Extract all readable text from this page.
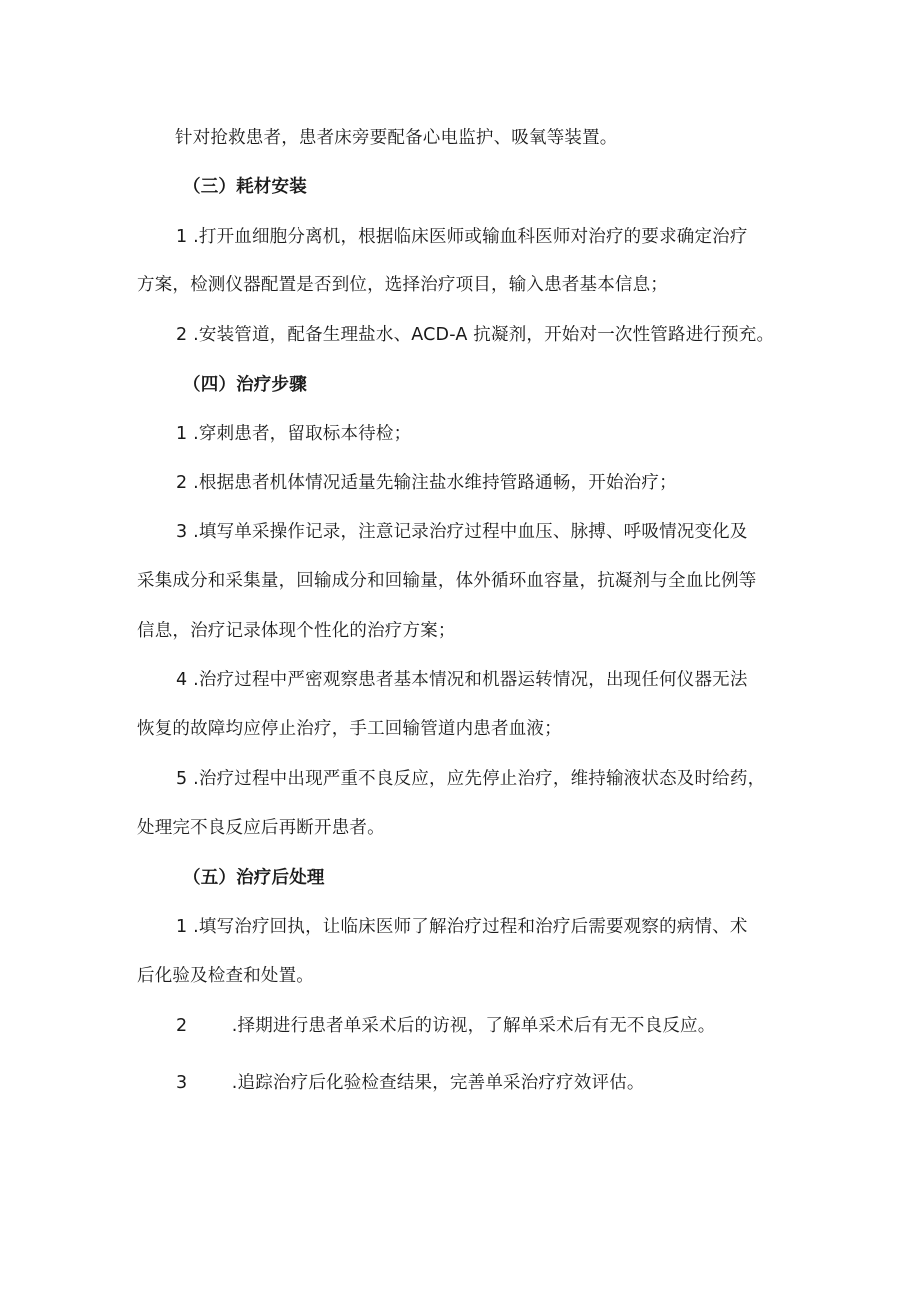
针对抢救患者，患者床旁要配备心电监护、吸氧等装置。
（三）耗材安装
1 .打开血细胞分离机，根据临床医师或输血科医师对治疗的要求确定治疗
方案，检测仪器配置是否到位，选择治疗项目，输入患者基本信息；
2 .安装管道，配备生理盐水、ACD-A 抗凝剂，开始对一次性管路进行预充。
（四）治疗步骤
1 .穿刺患者，留取标本待检；
2 .根据患者机体情况适量先输注盐水维持管路通畅，开始治疗；
3 .填写单采操作记录，注意记录治疗过程中血压、脉搏、呼吸情况变化及
采集成分和采集量，回输成分和回输量，体外循环血容量，抗凝剂与全血比例等
信息，治疗记录体现个性化的治疗方案；
4 .治疗过程中严密观察患者基本情况和机器运转情况，出现任何仪器无法
恢复的故障均应停止治疗，手工回输管道内患者血液；
5 .治疗过程中出现严重不良反应，应先停止治疗，维持输液状态及时给药，
处理完不良反应后再断开患者。
（五）治疗后处理
1 .填写治疗回执，让临床医师了解治疗过程和治疗后需要观察的病情、术
后化验及检查和处置。
2	.择期进行患者单采术后的访视，了解单采术后有无不良反应。
3	.追踪治疗后化验检查结果，完善单采治疗疗效评估。
